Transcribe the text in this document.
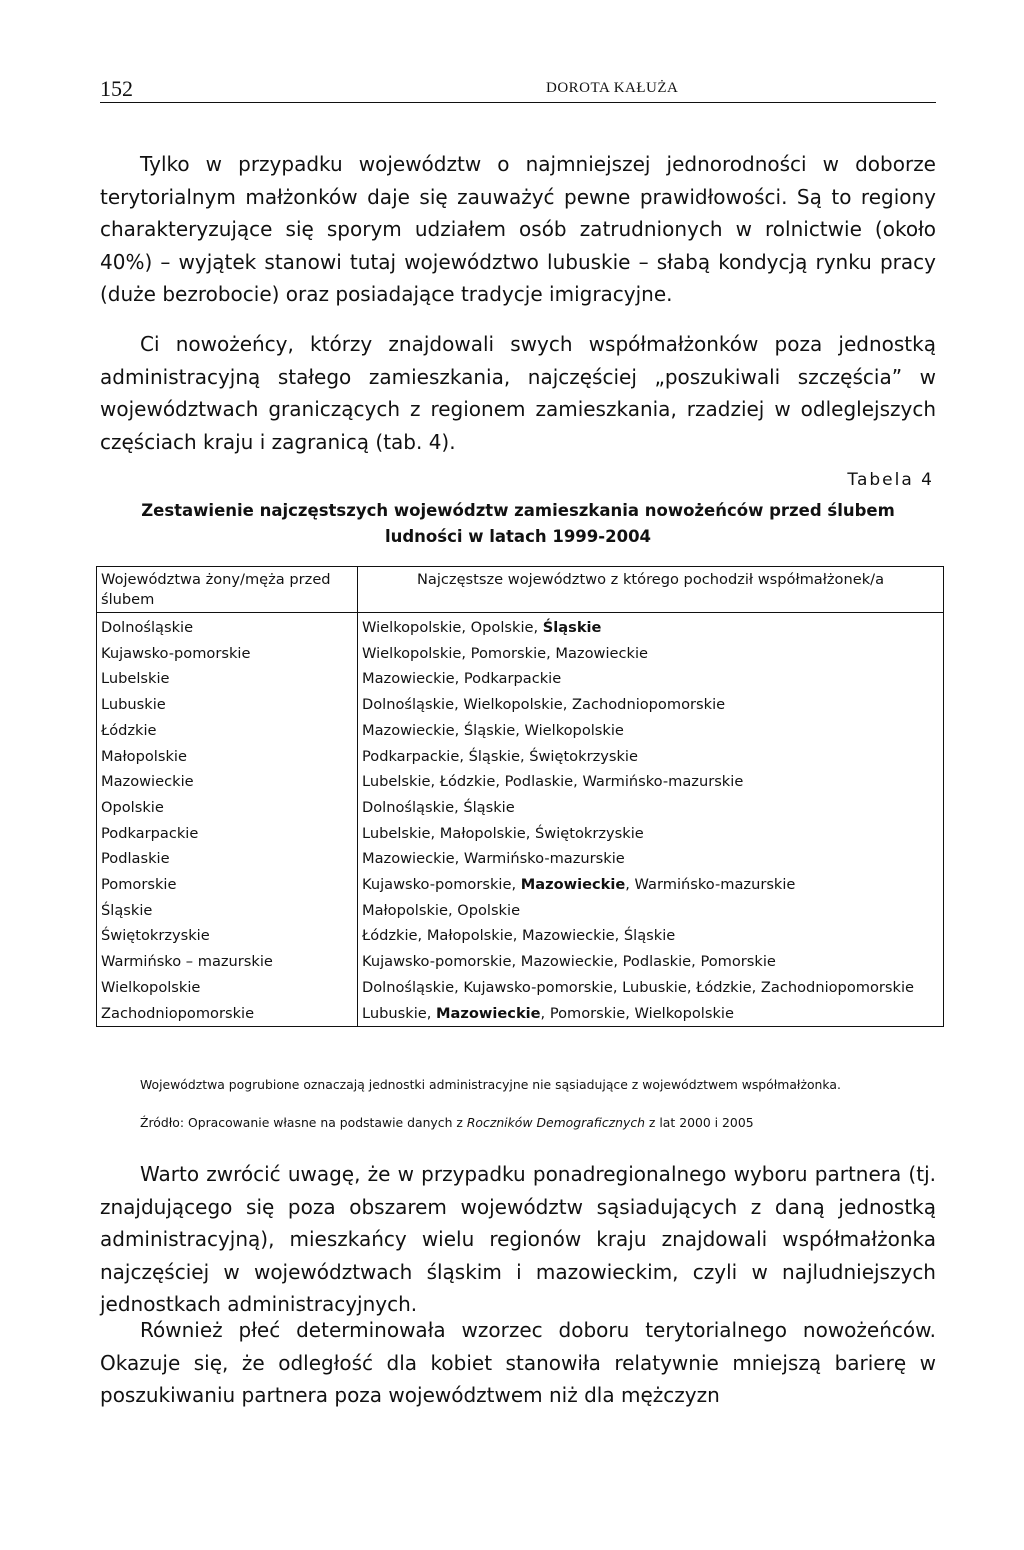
152	DOROTA KAŁUŻA

Tylko w przypadku województw o najmniejszej jednorodności w doborze terytorialnym małżonków daje się zauważyć pewne prawidłowości. Są to regiony charakteryzujące się sporym udziałem osób zatrudnionych w rolnictwie (około 40%) – wyjątek stanowi tutaj województwo lubuskie – słabą kondycją rynku pracy (duże bezrobocie) oraz posiadające tradycje imigracyjne.

Ci nowożeńcy, którzy znajdowali swych współmałżonków poza jednostką administracyjną stałego zamieszkania, najczęściej „poszukiwali szczęścia” w województwach graniczących z regionem zamieszkania, rzadziej w odleglejszych częściach kraju i zagranicą (tab. 4).

Tabela 4
Zestawienie najczęstszych województw zamieszkania nowożeńców przed ślubem
ludności w latach 1999-2004
Województwa żony/męża przed ślubem	Najczęstsze województwo z którego pochodził współmałżonek/a
Dolnośląskie	Wielkopolskie, Opolskie, Śląskie
Kujawsko-pomorskie	Wielkopolskie, Pomorskie, Mazowieckie
Lubelskie	Mazowieckie, Podkarpackie
Lubuskie	Dolnośląskie, Wielkopolskie, Zachodniopomorskie
Łódzkie	Mazowieckie, Śląskie, Wielkopolskie
Małopolskie	Podkarpackie, Śląskie, Świętokrzyskie
Mazowieckie	Lubelskie, Łódzkie, Podlaskie, Warmińsko-mazurskie
Opolskie	Dolnośląskie, Śląskie
Podkarpackie	Lubelskie, Małopolskie, Świętokrzyskie
Podlaskie	Mazowieckie, Warmińsko-mazurskie
Pomorskie	Kujawsko-pomorskie, Mazowieckie, Warmińsko-mazurskie
Śląskie	Małopolskie, Opolskie
Świętokrzyskie	Łódzkie, Małopolskie, Mazowieckie, Śląskie
Warmińsko – mazurskie	Kujawsko-pomorskie, Mazowieckie, Podlaskie, Pomorskie
Wielkopolskie	Dolnośląskie, Kujawsko-pomorskie, Lubuskie, Łódzkie, Zachodniopomorskie
Zachodniopomorskie	Lubuskie, Mazowieckie, Pomorskie, Wielkopolskie

Województwa pogrubione oznaczają jednostki administracyjne nie sąsiadujące z województwem współmałżonka.

Źródło: Opracowanie własne na podstawie danych z Roczników Demograficznych z lat 2000 i 2005

Warto zwrócić uwagę, że w przypadku ponadregionalnego wyboru partnera (tj. znajdującego się poza obszarem województw sąsiadujących z daną jednostką administracyjną), mieszkańcy wielu regionów kraju znajdowali współmałżonka najczęściej w województwach śląskim i mazowieckim, czyli w najludniejszych jednostkach administracyjnych.

Również płeć determinowała wzorzec doboru terytorialnego nowożeńców. Okazuje się, że odległość dla kobiet stanowiła relatywnie mniejszą barierę w poszukiwaniu partnera poza województwem niż dla mężczyzn
